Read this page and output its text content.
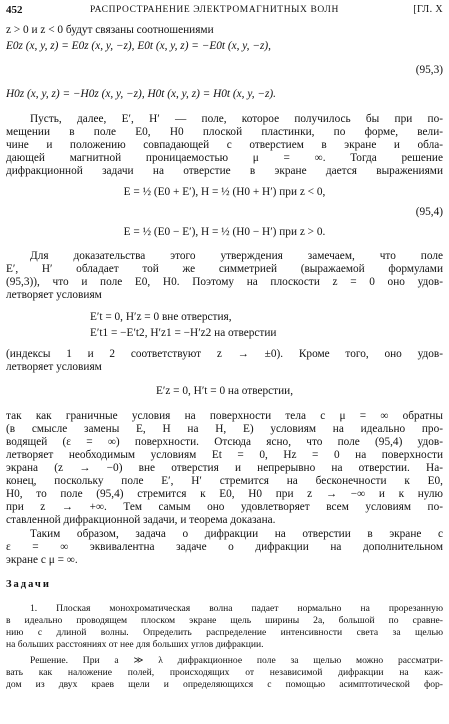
452	РАСПРОСТРАНЕНИЕ ЭЛЕКТРОМАГНИТНЫХ ВОЛН	[ГЛ. X
z > 0 и z < 0 будут связаны соотношениями
E0z (x, y, z) = E0z (x, y, −z), E0t (x, y, z) = −E0t (x, y, −z),
(95,3)
H0z (x, y, z) = −H0z (x, y, −z), H0t (x, y, z) = H0t (x, y, −z).
Пусть, далее, E′, H′ — поле, которое получилось бы при по-
мещении в поле E0, H0 плоской пластинки, по форме, вели-
чине и положению совпадающей с отверстием в экране и обла-
дающей магнитной проницаемостью μ = ∞. Тогда решение
дифракционной задачи на отверстие в экране дается выражениями
E = ½ (E0 + E′), H = ½ (H0 + H′) при z < 0,
(95,4)
E = ½ (E0 − E′), H = ½ (H0 − H′) при z > 0.
Для доказательства этого утверждения замечаем, что поле
E′, H′ обладает той же симметрией (выражаемой формулами
(95,3)), что и поле E0, H0. Поэтому на плоскости z = 0 оно удов-
летворяет условиям
E′t = 0, H′z = 0 вне отверстия,
E′t1 = −E′t2, H′z1 = −H′z2 на отверстии
(индексы 1 и 2 соответствуют z → ±0). Кроме того, оно удов-
летворяет условиям
E′z = 0, H′t = 0 на отверстии,
так как граничные условия на поверхности тела с μ = ∞ обратны
(в смысле замены E, H на H, E) условиям на идеально про-
водящей (ε = ∞) поверхности. Отсюда ясно, что поле (95,4) удов-
летворяет необходимым условиям Et = 0, Hz = 0 на поверхности
экрана (z → −0) вне отверстия и непрерывно на отверстии. На-
конец, поскольку поле E′, H′ стремится на бесконечности к E0,
H0, то поле (95,4) стремится к E0, H0 при z → −∞ и к нулю
при z → +∞. Тем самым оно удовлетворяет всем условиям по-
ставленной дифракционной задачи, и теорема доказана.
Таким образом, задача о дифракции на отверстии в экране с
ε = ∞ эквивалентна задаче о дифракции на дополнительном
экране с μ = ∞.
Задачи
1. Плоская монохроматическая волна падает нормально на прорезанную
в идеально проводящем плоском экране щель ширины 2a, большой по сравне-
нию с длиной волны. Определить распределение интенсивности света за щелью
на больших расстояниях от нее для больших углов дифракции.
Решение. При a ≫ λ дифракционное поле за щелью можно рассматри-
вать как наложение полей, происходящих от независимой дифракции на каж-
дом из двух краев щели и определяющихся с помощью асимптотической фор-
